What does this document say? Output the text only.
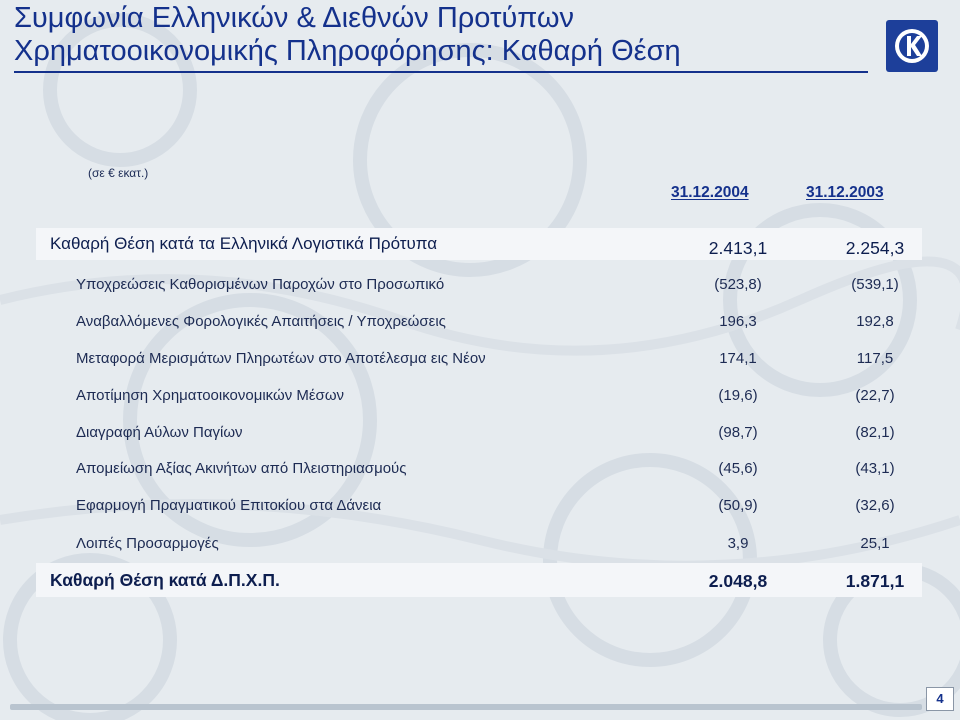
Συμφωνία Ελληνικών & Διεθνών Προτύπων
Χρηματοοικονομικής Πληροφόρησης: Καθαρή Θέση
(σε € εκατ.)
31.12.2004	31.12.2003
Καθαρή Θέση κατά τα Ελληνικά Λογιστικά Πρότυπα	2.413,1	2.254,3
Υποχρεώσεις Καθορισμένων Παροχών στο Προσωπικό	(523,8)	(539,1)
Αναβαλλόμενες Φορολογικές Απαιτήσεις / Υποχρεώσεις	196,3	192,8
Μεταφορά Μερισμάτων Πληρωτέων στο Αποτέλεσμα εις Νέον	174,1	117,5
Αποτίμηση Χρηματοοικονομικών Μέσων	(19,6)	(22,7)
Διαγραφή Αύλων Παγίων	(98,7)	(82,1)
Απομείωση Αξίας Ακινήτων από Πλειστηριασμούς	(45,6)	(43,1)
Εφαρμογή Πραγματικού Επιτοκίου στα Δάνεια	(50,9)	(32,6)
Λοιπές Προσαρμογές	3,9	25,1
Καθαρή Θέση κατά Δ.Π.Χ.Π.	2.048,8	1.871,1
4
